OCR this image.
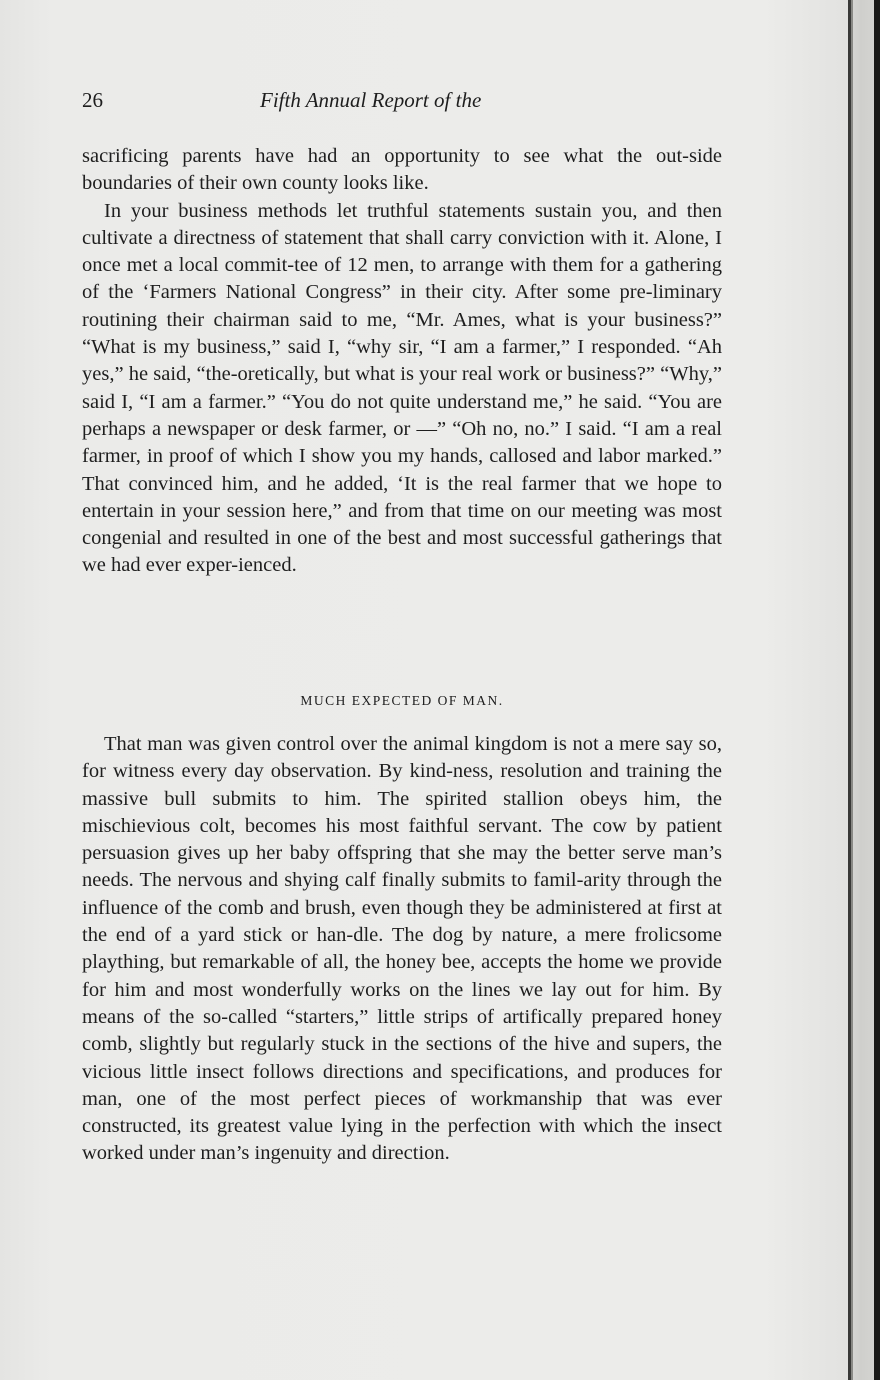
26	Fifth Annual Report of the

sacrificing parents have had an opportunity to see what the out-side boundaries of their own county looks like.

In your business methods let truthful statements sustain you, and then cultivate a directness of statement that shall carry conviction with it. Alone, I once met a local commit-tee of 12 men, to arrange with them for a gathering of the ‘Farmers National Congress” in their city. After some pre-liminary routining their chairman said to me, “Mr. Ames, what is your business?” “What is my business,” said I, “why sir, “I am a farmer,” I responded. “Ah yes,” he said, “the-oretically, but what is your real work or business?” “Why,” said I, “I am a farmer.” “You do not quite understand me,” he said. “You are perhaps a newspaper or desk farmer, or —” “Oh no, no.” I said. “I am a real farmer, in proof of which I show you my hands, callosed and labor marked.” That convinced him, and he added, ‘It is the real farmer that we hope to entertain in your session here,” and from that time on our meeting was most congenial and resulted in one of the best and most successful gatherings that we had ever exper-ienced.

MUCH EXPECTED OF MAN.

That man was given control over the animal kingdom is not a mere say so, for witness every day observation. By kind-ness, resolution and training the massive bull submits to him. The spirited stallion obeys him, the mischievious colt, becomes his most faithful servant. The cow by patient persuasion gives up her baby offspring that she may the better serve man’s needs. The nervous and shying calf finally submits to famil-arity through the influence of the comb and brush, even though they be administered at first at the end of a yard stick or han-dle. The dog by nature, a mere frolicsome plaything, but remarkable of all, the honey bee, accepts the home we provide for him and most wonderfully works on the lines we lay out for him. By means of the so-called “starters,” little strips of artifically prepared honey comb, slightly but regularly stuck in the sections of the hive and supers, the vicious little insect follows directions and specifications, and produces for man, one of the most perfect pieces of workmanship that was ever constructed, its greatest value lying in the perfection with which the insect worked under man’s ingenuity and direction.
